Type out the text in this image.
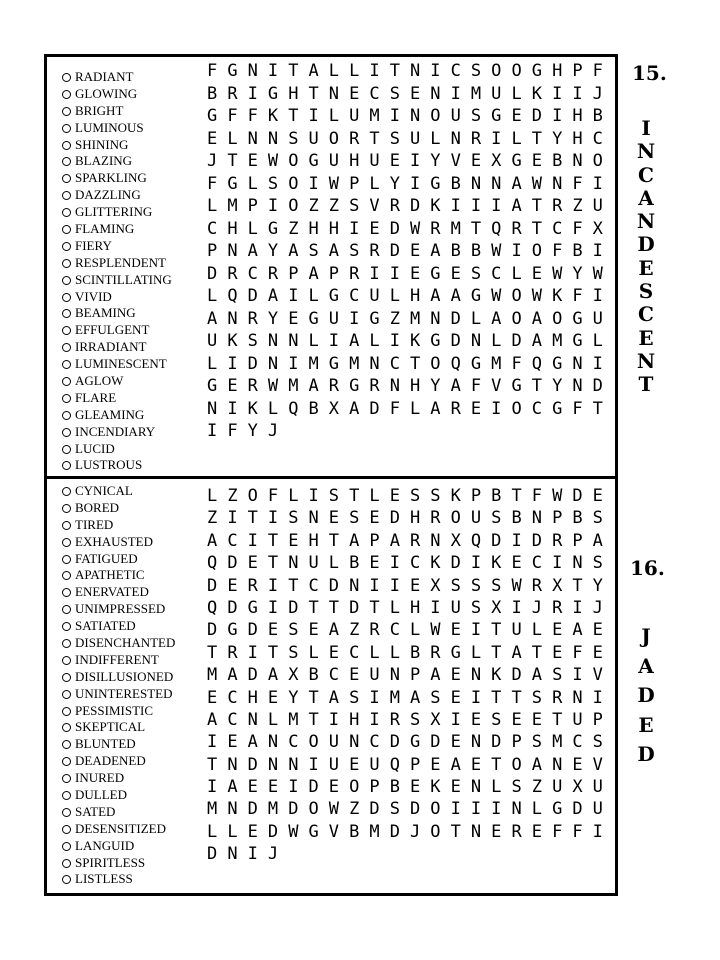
RADIANT
GLOWING
BRIGHT
LUMINOUS
SHINING
BLAZING
SPARKLING
DAZZLING
GLITTERING
FLAMING
FIERY
RESPLENDENT
SCINTILLATING
VIVID
BEAMING
EFFULGENT
IRRADIANT
LUMINESCENT
AGLOW
FLARE
GLEAMING
INCENDIARY
LUCID
LUSTROUS
F G N I T A L L I T N I C S O O G H P F
B R I G H T N E C S E N I M U L K I I J
G F F K T I L U M I N O U S G E D I H B
E L N N S U O R T S U L N R I L T Y H C
J T E W O G U H U E I Y V E X G E B N O
F G L S O I W P L Y I G B N N A W N F I
L M P I O Z Z S V R D K I I I A T R Z U
C H L G Z H H I E D W R M T Q R T C F X
P N A Y A S A S R D E A B B W I O F B I
D R C R P A P R I I E G E S C L E W Y W
L Q D A I L G C U L H A A G W O W K F I
A N R Y E G U I G Z M N D L A O A O G U
U K S N N L I A L I K G D N L D A M G L
L I D N I M G M N C T O Q G M F Q G N I
G E R W M A R G R N H Y A F V G T Y N D
N I K L Q B X A D F L A R E I O C G F T
I F Y J
15.
I
N
C
A
N
D
E
S
C
E
N
T
CYNICAL
BORED
TIRED
EXHAUSTED
FATIGUED
APATHETIC
ENERVATED
UNIMPRESSED
SATIATED
DISENCHANTED
INDIFFERENT
DISILLUSIONED
UNINTERESTED
PESSIMISTIC
SKEPTICAL
BLUNTED
DEADENED
INURED
DULLED
SATED
DESENSITIZED
LANGUID
SPIRITLESS
LISTLESS
L Z O F L I S T L E S S K P B T F W D E
Z I T I S N E S E D H R O U S B N P B S
A C I T E H T A P A R N X Q D I D R P A
Q D E T N U L B E I C K D I K E C I N S
D E R I T C D N I I E X S S S W R X T Y
Q D G I D T T D T L H I U S X I J R I J
D G D E S E A Z R C L W E I T U L E A E
T R I T S L E C L L B R G L T A T E F E
M A D A X B C E U N P A E N K D A S I V
E C H E Y T A S I M A S E I T T S R N I
A C N L M T I H I R S X I E S E E T U P
I E A N C O U N C D G D E N D P S M C S
T N D N N I U E U Q P E A E T O A N E V
I A E E I D E O P B E K E N L S Z U X U
M N D M D O W Z D S D O I I I N L G D U
L L E D W G V B M D J O T N E R E F F I
D N I J
16.
J
A
D
E
D
